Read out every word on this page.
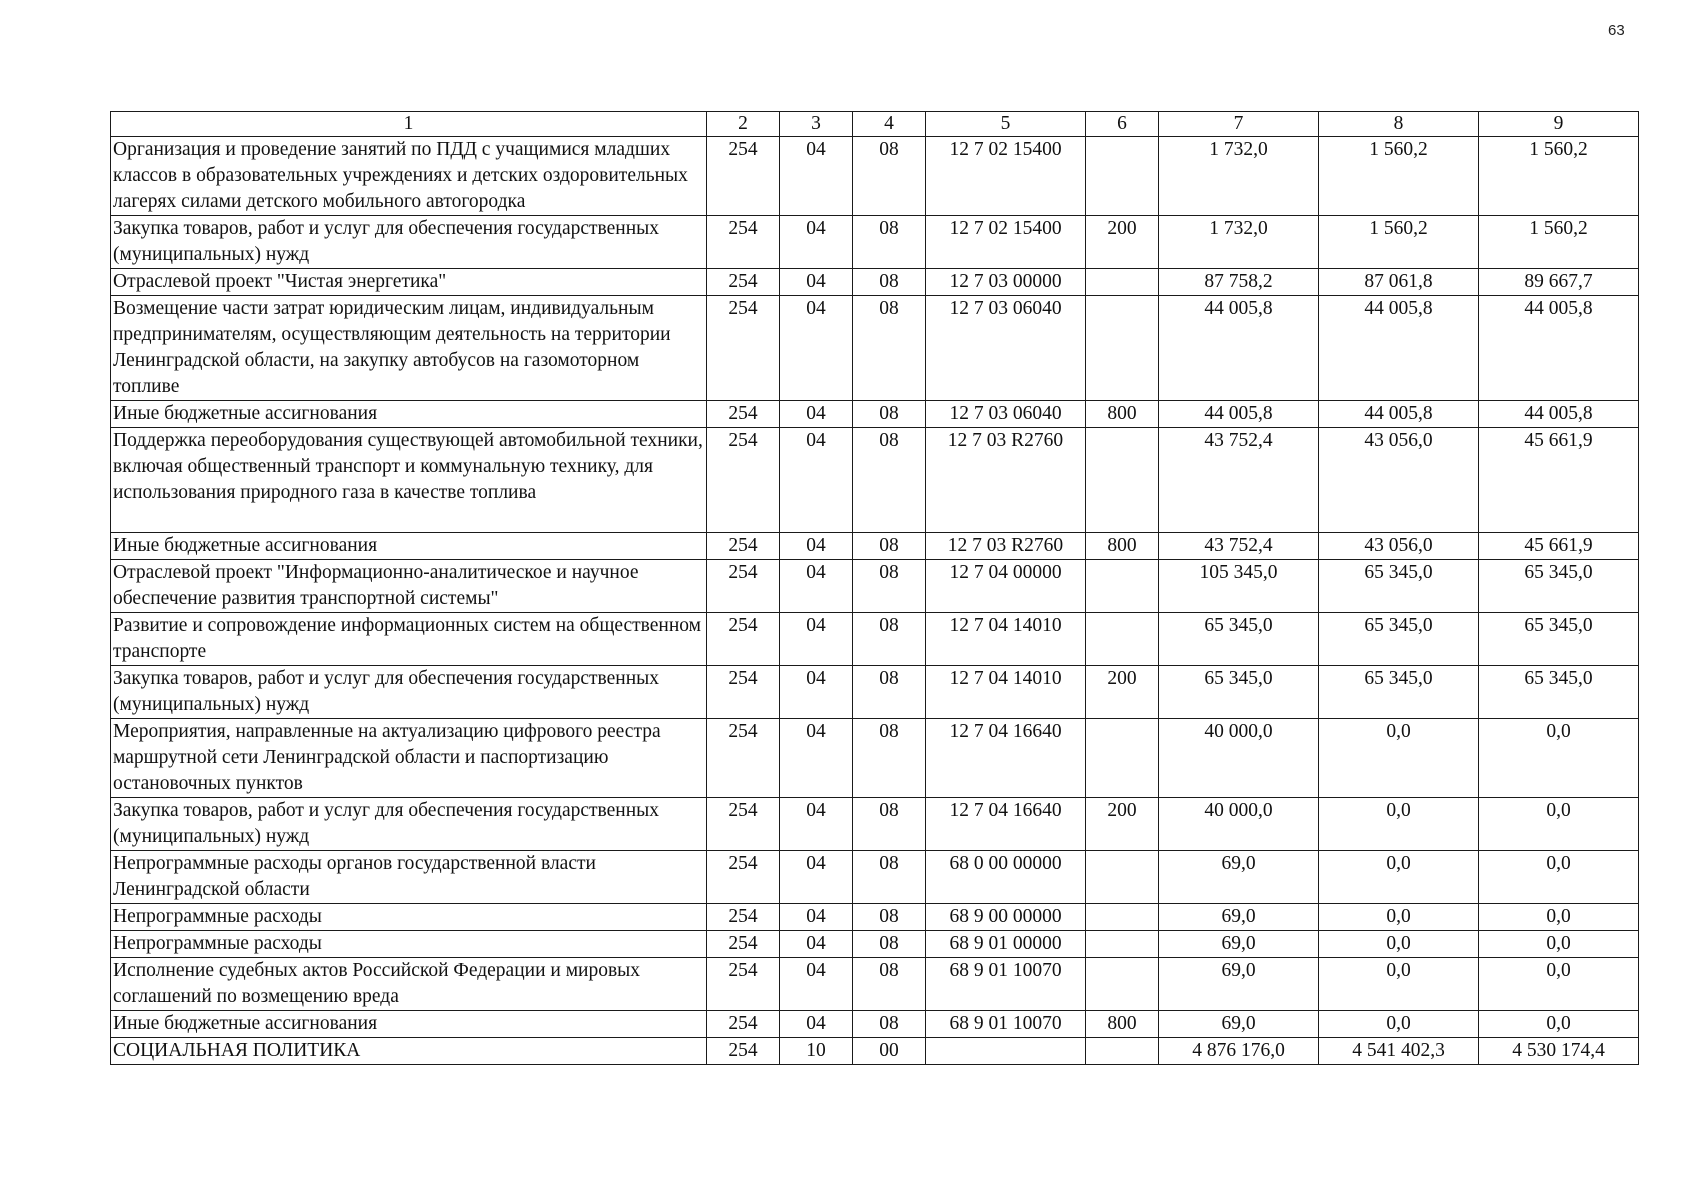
63
1	2	3	4	5	6	7	8	9
Организация и проведение занятий по ПДД с учащимися младших классов в образовательных учреждениях и детских оздоровительных лагерях силами детского мобильного автогородка	254	04	08	12 7 02 15400		1 732,0	1 560,2	1 560,2
Закупка товаров, работ и услуг для обеспечения государственных (муниципальных) нужд	254	04	08	12 7 02 15400	200	1 732,0	1 560,2	1 560,2
Отраслевой проект "Чистая энергетика"	254	04	08	12 7 03 00000		87 758,2	87 061,8	89 667,7
Возмещение части затрат юридическим лицам, индивидуальным предпринимателям, осуществляющим деятельность на территории Ленинградской области, на закупку автобусов на газомоторном топливе	254	04	08	12 7 03 06040		44 005,8	44 005,8	44 005,8
Иные бюджетные ассигнования	254	04	08	12 7 03 06040	800	44 005,8	44 005,8	44 005,8
Поддержка переоборудования существующей автомобильной техники, включая общественный транспорт и коммунальную технику, для использования природного газа в качестве топлива	254	04	08	12 7 03 R2760		43 752,4	43 056,0	45 661,9
Иные бюджетные ассигнования	254	04	08	12 7 03 R2760	800	43 752,4	43 056,0	45 661,9
Отраслевой проект "Информационно-аналитическое и научное обеспечение развития транспортной системы"	254	04	08	12 7 04 00000		105 345,0	65 345,0	65 345,0
Развитие и сопровождение информационных систем на общественном транспорте	254	04	08	12 7 04 14010		65 345,0	65 345,0	65 345,0
Закупка товаров, работ и услуг для обеспечения государственных (муниципальных) нужд	254	04	08	12 7 04 14010	200	65 345,0	65 345,0	65 345,0
Мероприятия, направленные на актуализацию цифрового реестра маршрутной сети Ленинградской области и паспортизацию остановочных пунктов	254	04	08	12 7 04 16640		40 000,0	0,0	0,0
Закупка товаров, работ и услуг для обеспечения государственных (муниципальных) нужд	254	04	08	12 7 04 16640	200	40 000,0	0,0	0,0
Непрограммные расходы органов государственной власти Ленинградской области	254	04	08	68 0 00 00000		69,0	0,0	0,0
Непрограммные расходы	254	04	08	68 9 00 00000		69,0	0,0	0,0
Непрограммные расходы	254	04	08	68 9 01 00000		69,0	0,0	0,0
Исполнение судебных актов Российской Федерации и мировых соглашений по возмещению вреда	254	04	08	68 9 01 10070		69,0	0,0	0,0
Иные бюджетные ассигнования	254	04	08	68 9 01 10070	800	69,0	0,0	0,0
СОЦИАЛЬНАЯ ПОЛИТИКА	254	10	00			4 876 176,0	4 541 402,3	4 530 174,4
